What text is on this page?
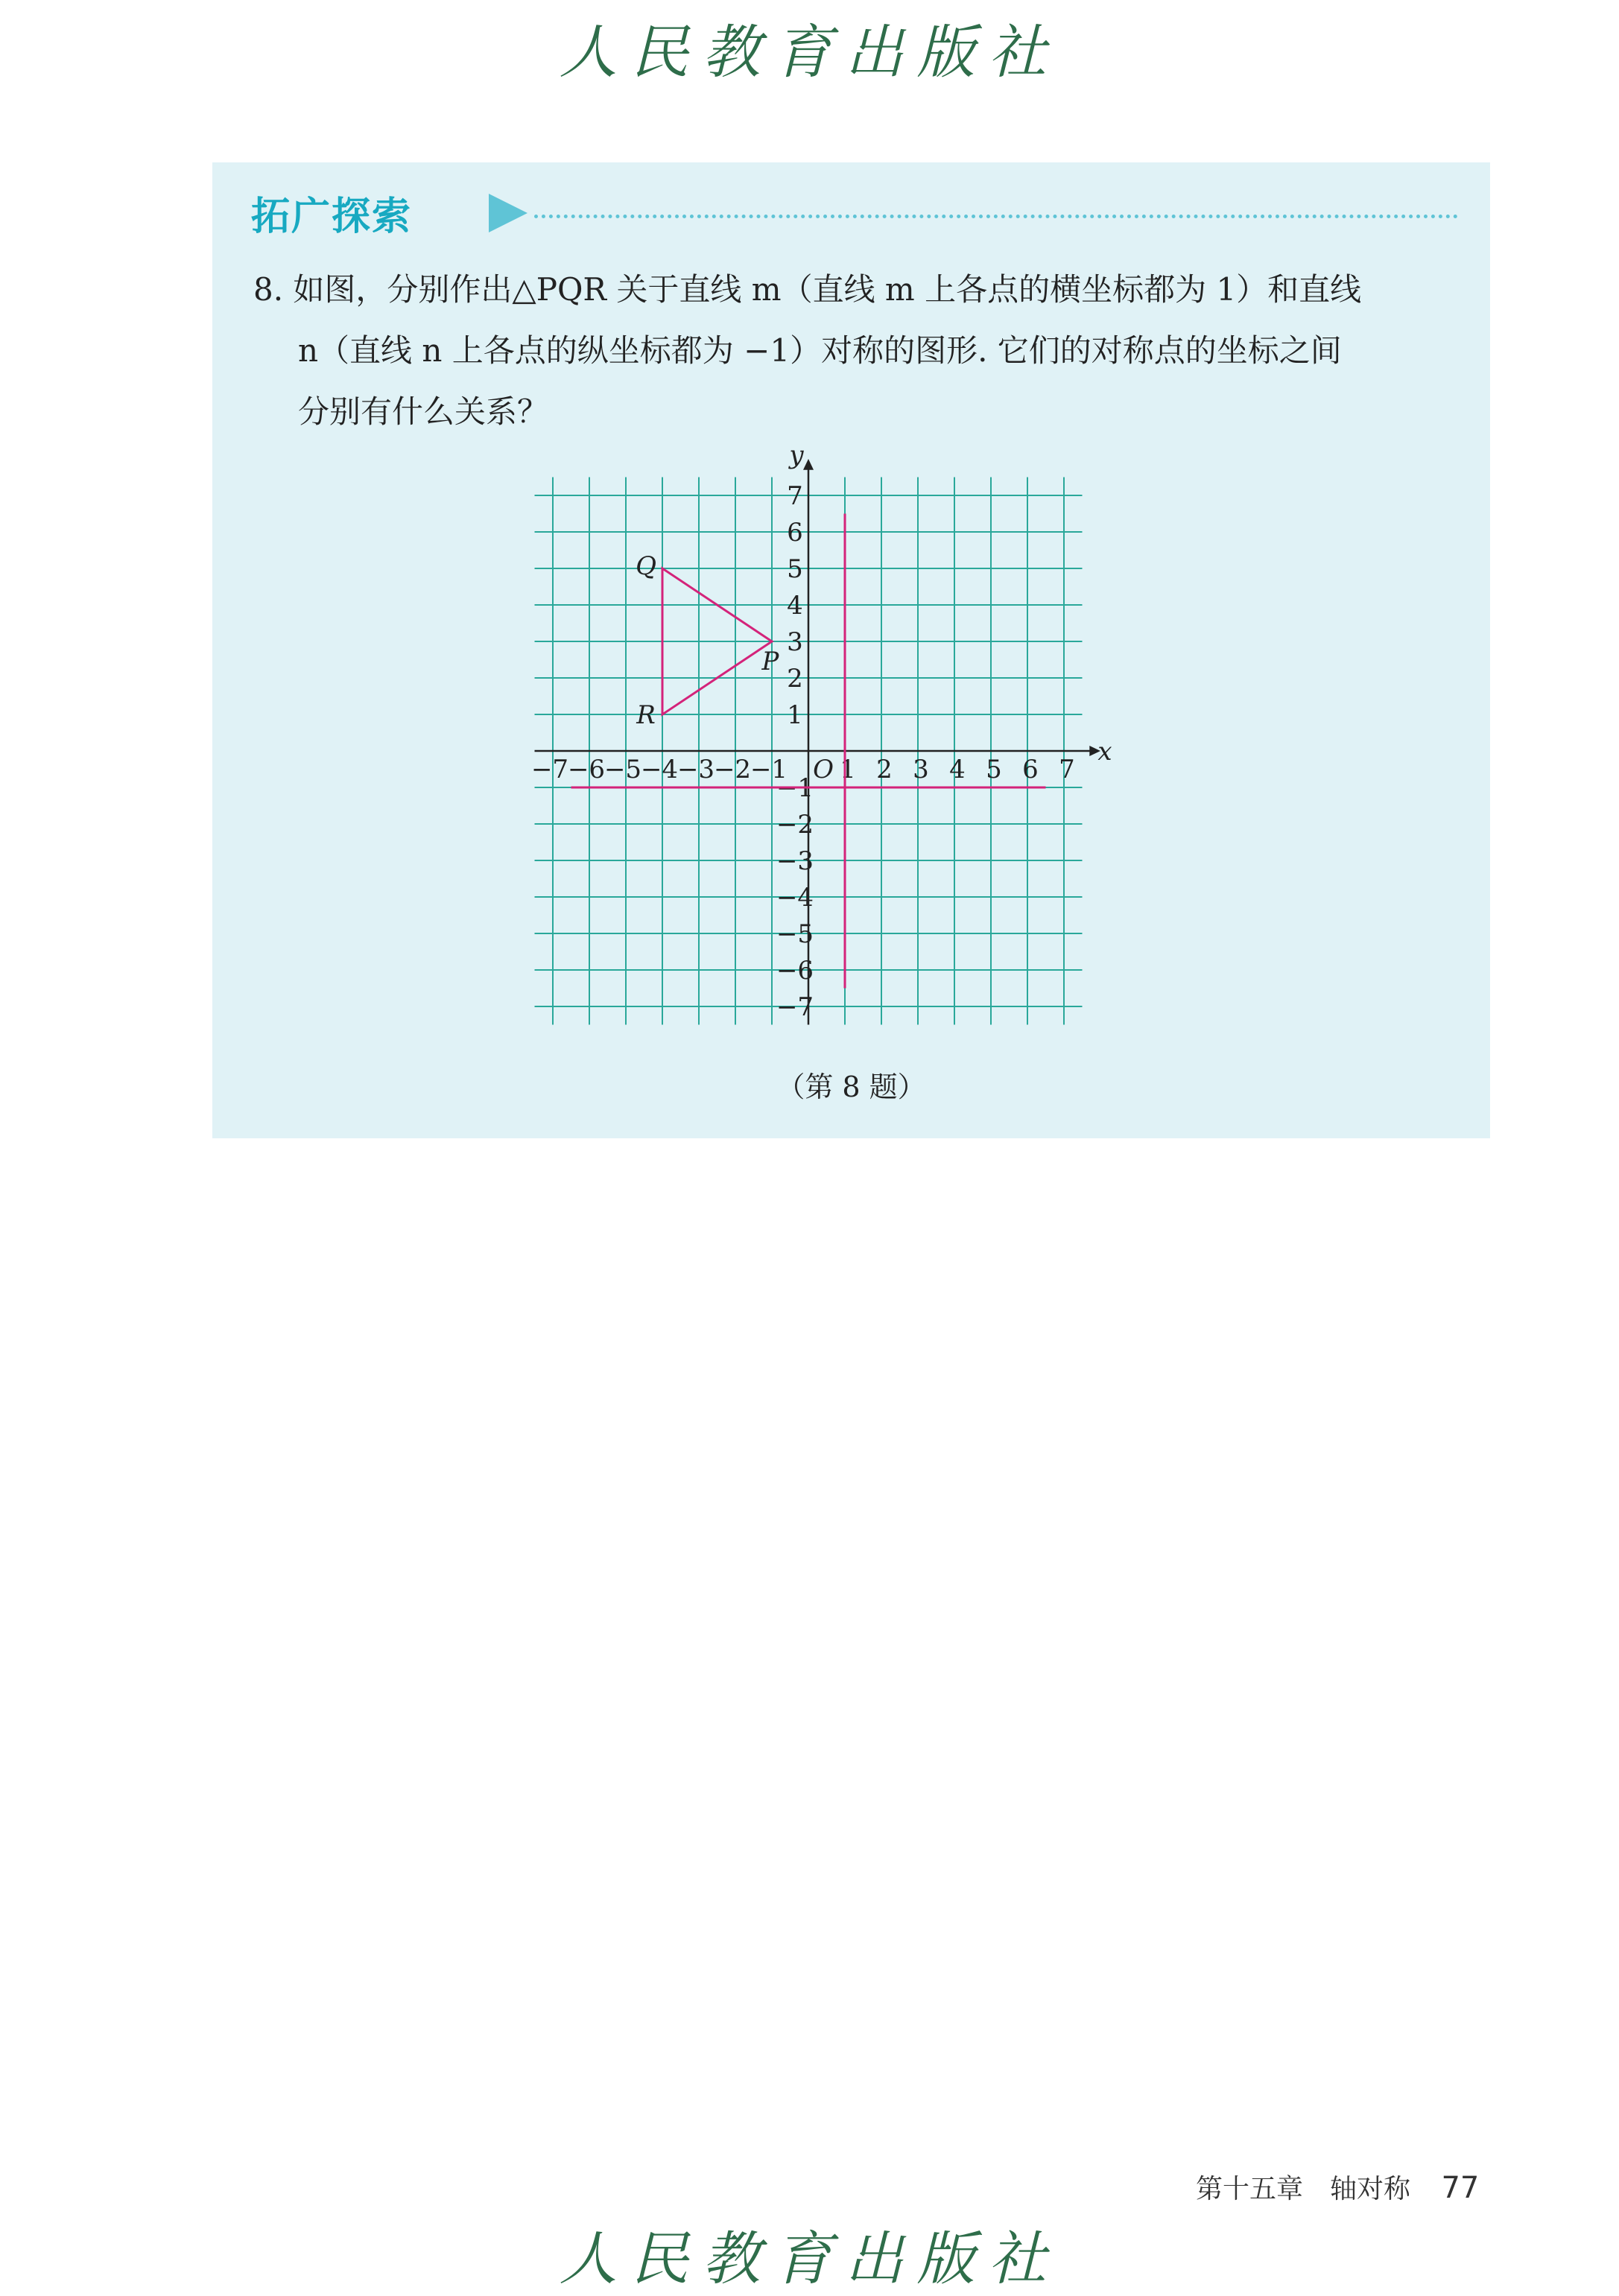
人民教育出版社
拓广探索
8. 如图，分别作出△PQR 关于直线 m（直线 m 上各点的横坐标都为 1）和直线
n（直线 n 上各点的纵坐标都为 −1）对称的图形. 它们的对称点的坐标之间
分别有什么关系？
x
y
O
−7
−6
−5
−4
−3
−2
−1 1 2 3 4 5 6 7
7
6
5
4
3
2
1
−1
−2
−3
−4
−5
−6
−7
P
Q
R
（第 8 题）
第十五章　轴对称 77
人民教育出版社
